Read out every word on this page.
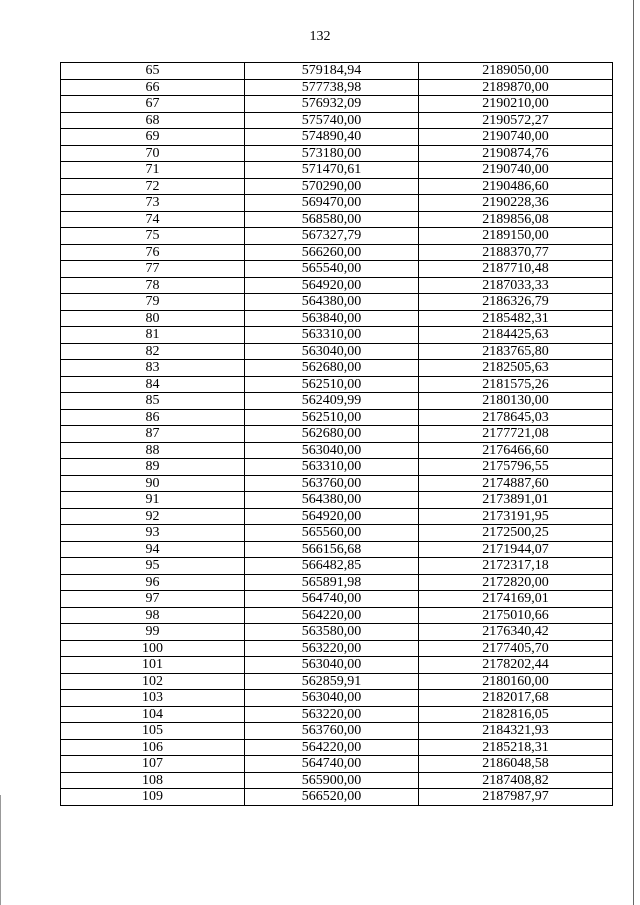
132
65	579184,94	2189050,00
66	577738,98	2189870,00
67	576932,09	2190210,00
68	575740,00	2190572,27
69	574890,40	2190740,00
70	573180,00	2190874,76
71	571470,61	2190740,00
72	570290,00	2190486,60
73	569470,00	2190228,36
74	568580,00	2189856,08
75	567327,79	2189150,00
76	566260,00	2188370,77
77	565540,00	2187710,48
78	564920,00	2187033,33
79	564380,00	2186326,79
80	563840,00	2185482,31
81	563310,00	2184425,63
82	563040,00	2183765,80
83	562680,00	2182505,63
84	562510,00	2181575,26
85	562409,99	2180130,00
86	562510,00	2178645,03
87	562680,00	2177721,08
88	563040,00	2176466,60
89	563310,00	2175796,55
90	563760,00	2174887,60
91	564380,00	2173891,01
92	564920,00	2173191,95
93	565560,00	2172500,25
94	566156,68	2171944,07
95	566482,85	2172317,18
96	565891,98	2172820,00
97	564740,00	2174169,01
98	564220,00	2175010,66
99	563580,00	2176340,42
100	563220,00	2177405,70
101	563040,00	2178202,44
102	562859,91	2180160,00
103	563040,00	2182017,68
104	563220,00	2182816,05
105	563760,00	2184321,93
106	564220,00	2185218,31
107	564740,00	2186048,58
108	565900,00	2187408,82
109	566520,00	2187987,97
